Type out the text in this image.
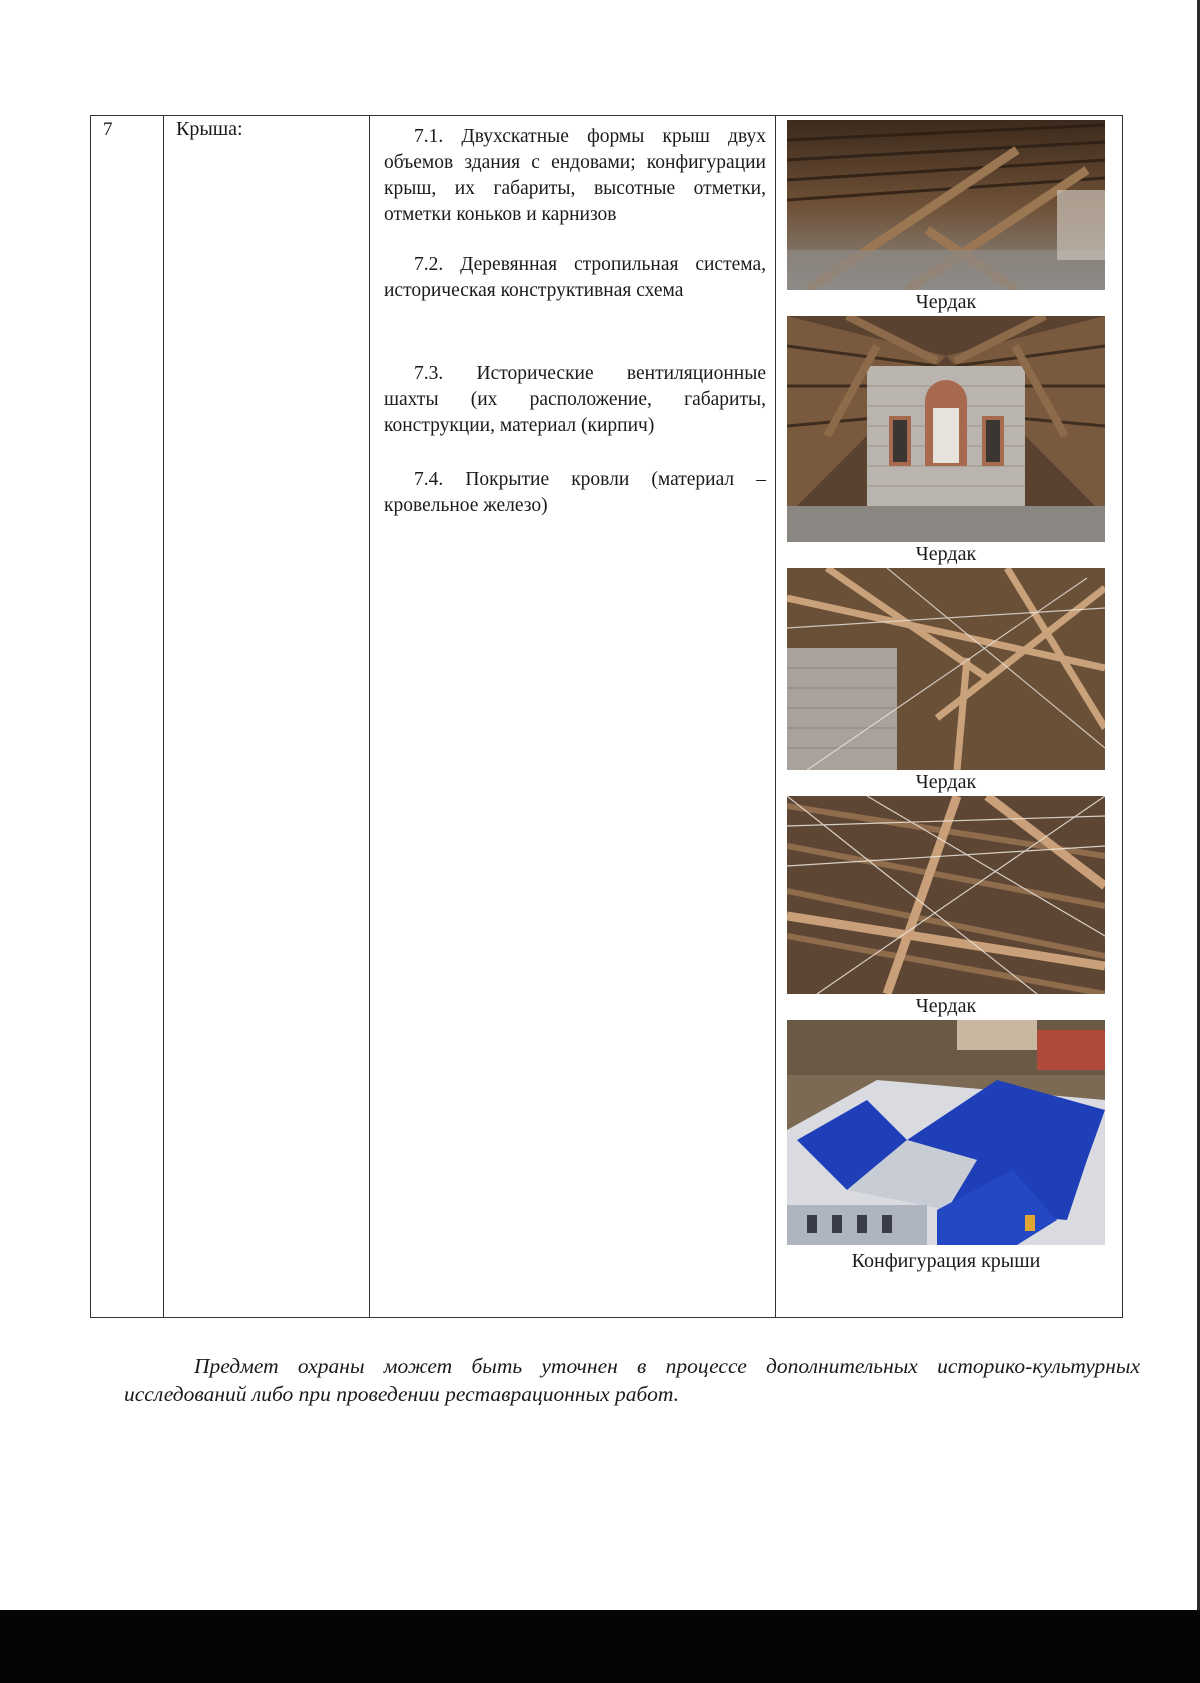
7	Крыша:	7.1. Двухскатные формы крыш двух объемов здания с ендовами; конфигурации крыш, их габариты, высотные отметки, отметки коньков и карнизов

7.2. Деревянная стропильная система, историческая конструктивная схема

7.3. Исторические вентиляционные шахты (их расположение, габариты, конструкции, материал (кирпич)

7.4. Покрытие кровли (материал – кровельное железо)

Чердак
Чердак
Чердак
Чердак
Конфигурация крыши

Предмет охраны может быть уточнен в процессе дополнительных историко-культурных исследований либо при проведении реставрационных работ.
